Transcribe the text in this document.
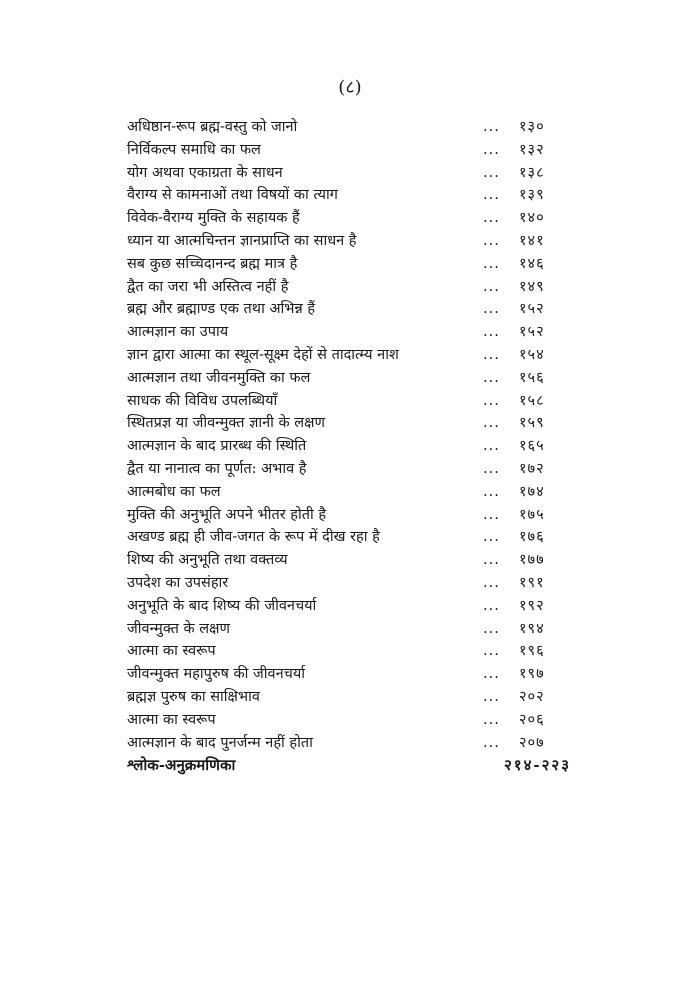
(८)
अधिष्ठान-रूप ब्रह्म-वस्तु को जानो	...	१३०
निर्विकल्प समाधि का फल	...	१३२
योग अथवा एकाग्रता के साधन	...	१३८
वैराग्य से कामनाओं तथा विषयों का त्याग	...	१३९
विवेक-वैराग्य मुक्ति के सहायक हैं	...	१४०
ध्यान या आत्मचिन्तन ज्ञानप्राप्ति का साधन है	...	१४१
सब कुछ सच्चिदानन्द ब्रह्म मात्र है	...	१४६
द्वैत का जरा भी अस्तित्व नहीं है	...	१४९
ब्रह्म और ब्रह्माण्ड एक तथा अभिन्न हैं	...	१५२
आत्मज्ञान का उपाय	...	१५२
ज्ञान द्वारा आत्मा का स्थूल-सूक्ष्म देहों से तादात्म्य नाश	...	१५४
आत्मज्ञान तथा जीवनमुक्ति का फल	...	१५६
साधक की विविध उपलब्धियाँ	...	१५८
स्थितप्रज्ञ या जीवन्मुक्त ज्ञानी के लक्षण	...	१५९
आत्मज्ञान के बाद प्रारब्ध की स्थिति	...	१६५
द्वैत या नानात्व का पूर्णत: अभाव है	...	१७२
आत्मबोध का फल	...	१७४
मुक्ति की अनुभूति अपने भीतर होती है	...	१७५
अखण्ड ब्रह्म ही जीव-जगत के रूप में दीख रहा है	...	१७६
शिष्य की अनुभूति तथा वक्तव्य	...	१७७
उपदेश का उपसंहार	...	१९१
अनुभूति के बाद शिष्य की जीवनचर्या	...	१९२
जीवन्मुक्त के लक्षण	...	१९४
आत्मा का स्वरूप	...	१९६
जीवन्मुक्त महापुरुष की जीवनचर्या	...	१९७
ब्रह्मज्ञ पुरुष का साक्षिभाव	...	२०२
आत्मा का स्वरूप	...	२०६
आत्मज्ञान के बाद पुनर्जन्म नहीं होता	...	२०७
श्लोक-अनुक्रमणिका	२१४-२२३
